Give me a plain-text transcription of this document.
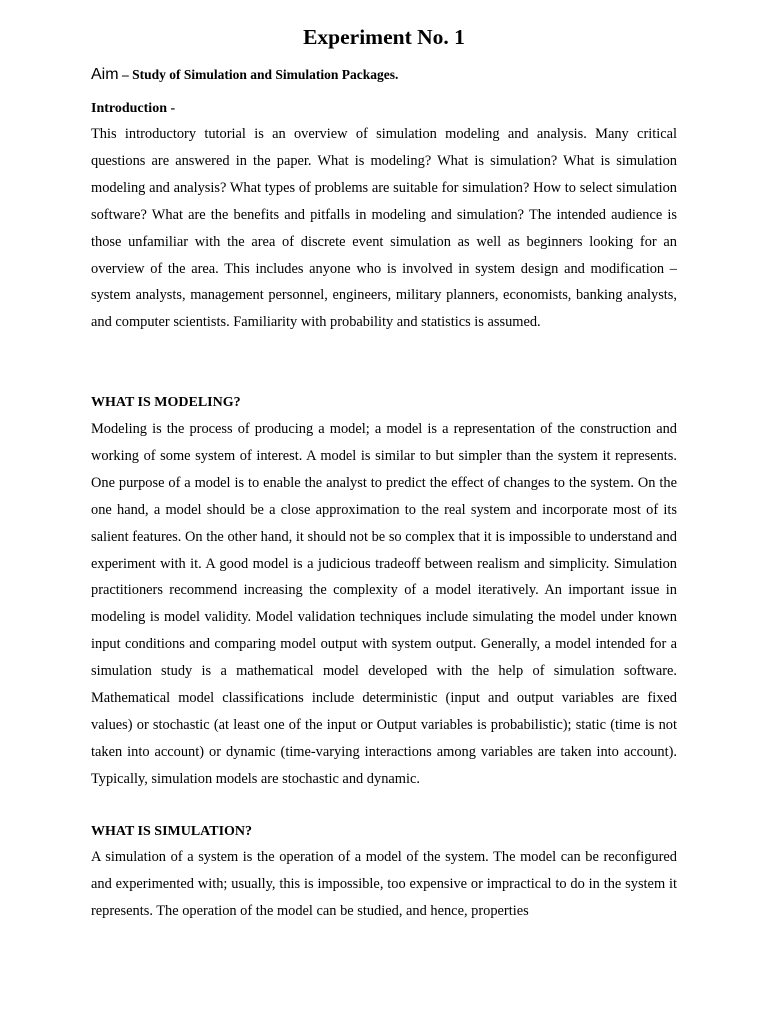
Experiment No. 1
Aim – Study of Simulation and Simulation Packages.
Introduction -

This introductory tutorial is an overview of simulation modeling and analysis. Many critical questions are answered in the paper. What is modeling? What is simulation? What is simulation modeling and analysis? What types of problems are suitable for simulation? How to select simulation software? What are the benefits and pitfalls in modeling and simulation? The intended audience is those unfamiliar with the area of discrete event simulation as well as beginners looking for an overview of the area. This includes anyone who is involved in system design and modification – system analysts, management personnel, engineers, military planners, economists, banking analysts, and computer scientists. Familiarity with probability and statistics is assumed.

WHAT IS MODELING?

Modeling is the process of producing a model; a model is a representation of the construction and working of some system of interest. A model is similar to but simpler than the system it represents. One purpose of a model is to enable the analyst to predict the effect of changes to the system. On the one hand, a model should be a close approximation to the real system and incorporate most of its salient features. On the other hand, it should not be so complex that it is impossible to understand and experiment with it. A good model is a judicious tradeoff between realism and simplicity. Simulation practitioners recommend increasing the complexity of a model iteratively. An important issue in modeling is model validity. Model validation techniques include simulating the model under known input conditions and comparing model output with system output. Generally, a model intended for a simulation study is a mathematical model developed with the help of simulation software. Mathematical model classifications include deterministic (input and output variables are fixed values) or stochastic (at least one of the input or Output variables is probabilistic); static (time is not taken into account) or dynamic (time-varying interactions among variables are taken into account). Typically, simulation models are stochastic and dynamic.

WHAT IS SIMULATION?

A simulation of a system is the operation of a model of the system. The model can be reconfigured and experimented with; usually, this is impossible, too expensive or impractical to do in the system it represents. The operation of the model can be studied, and hence, properties
